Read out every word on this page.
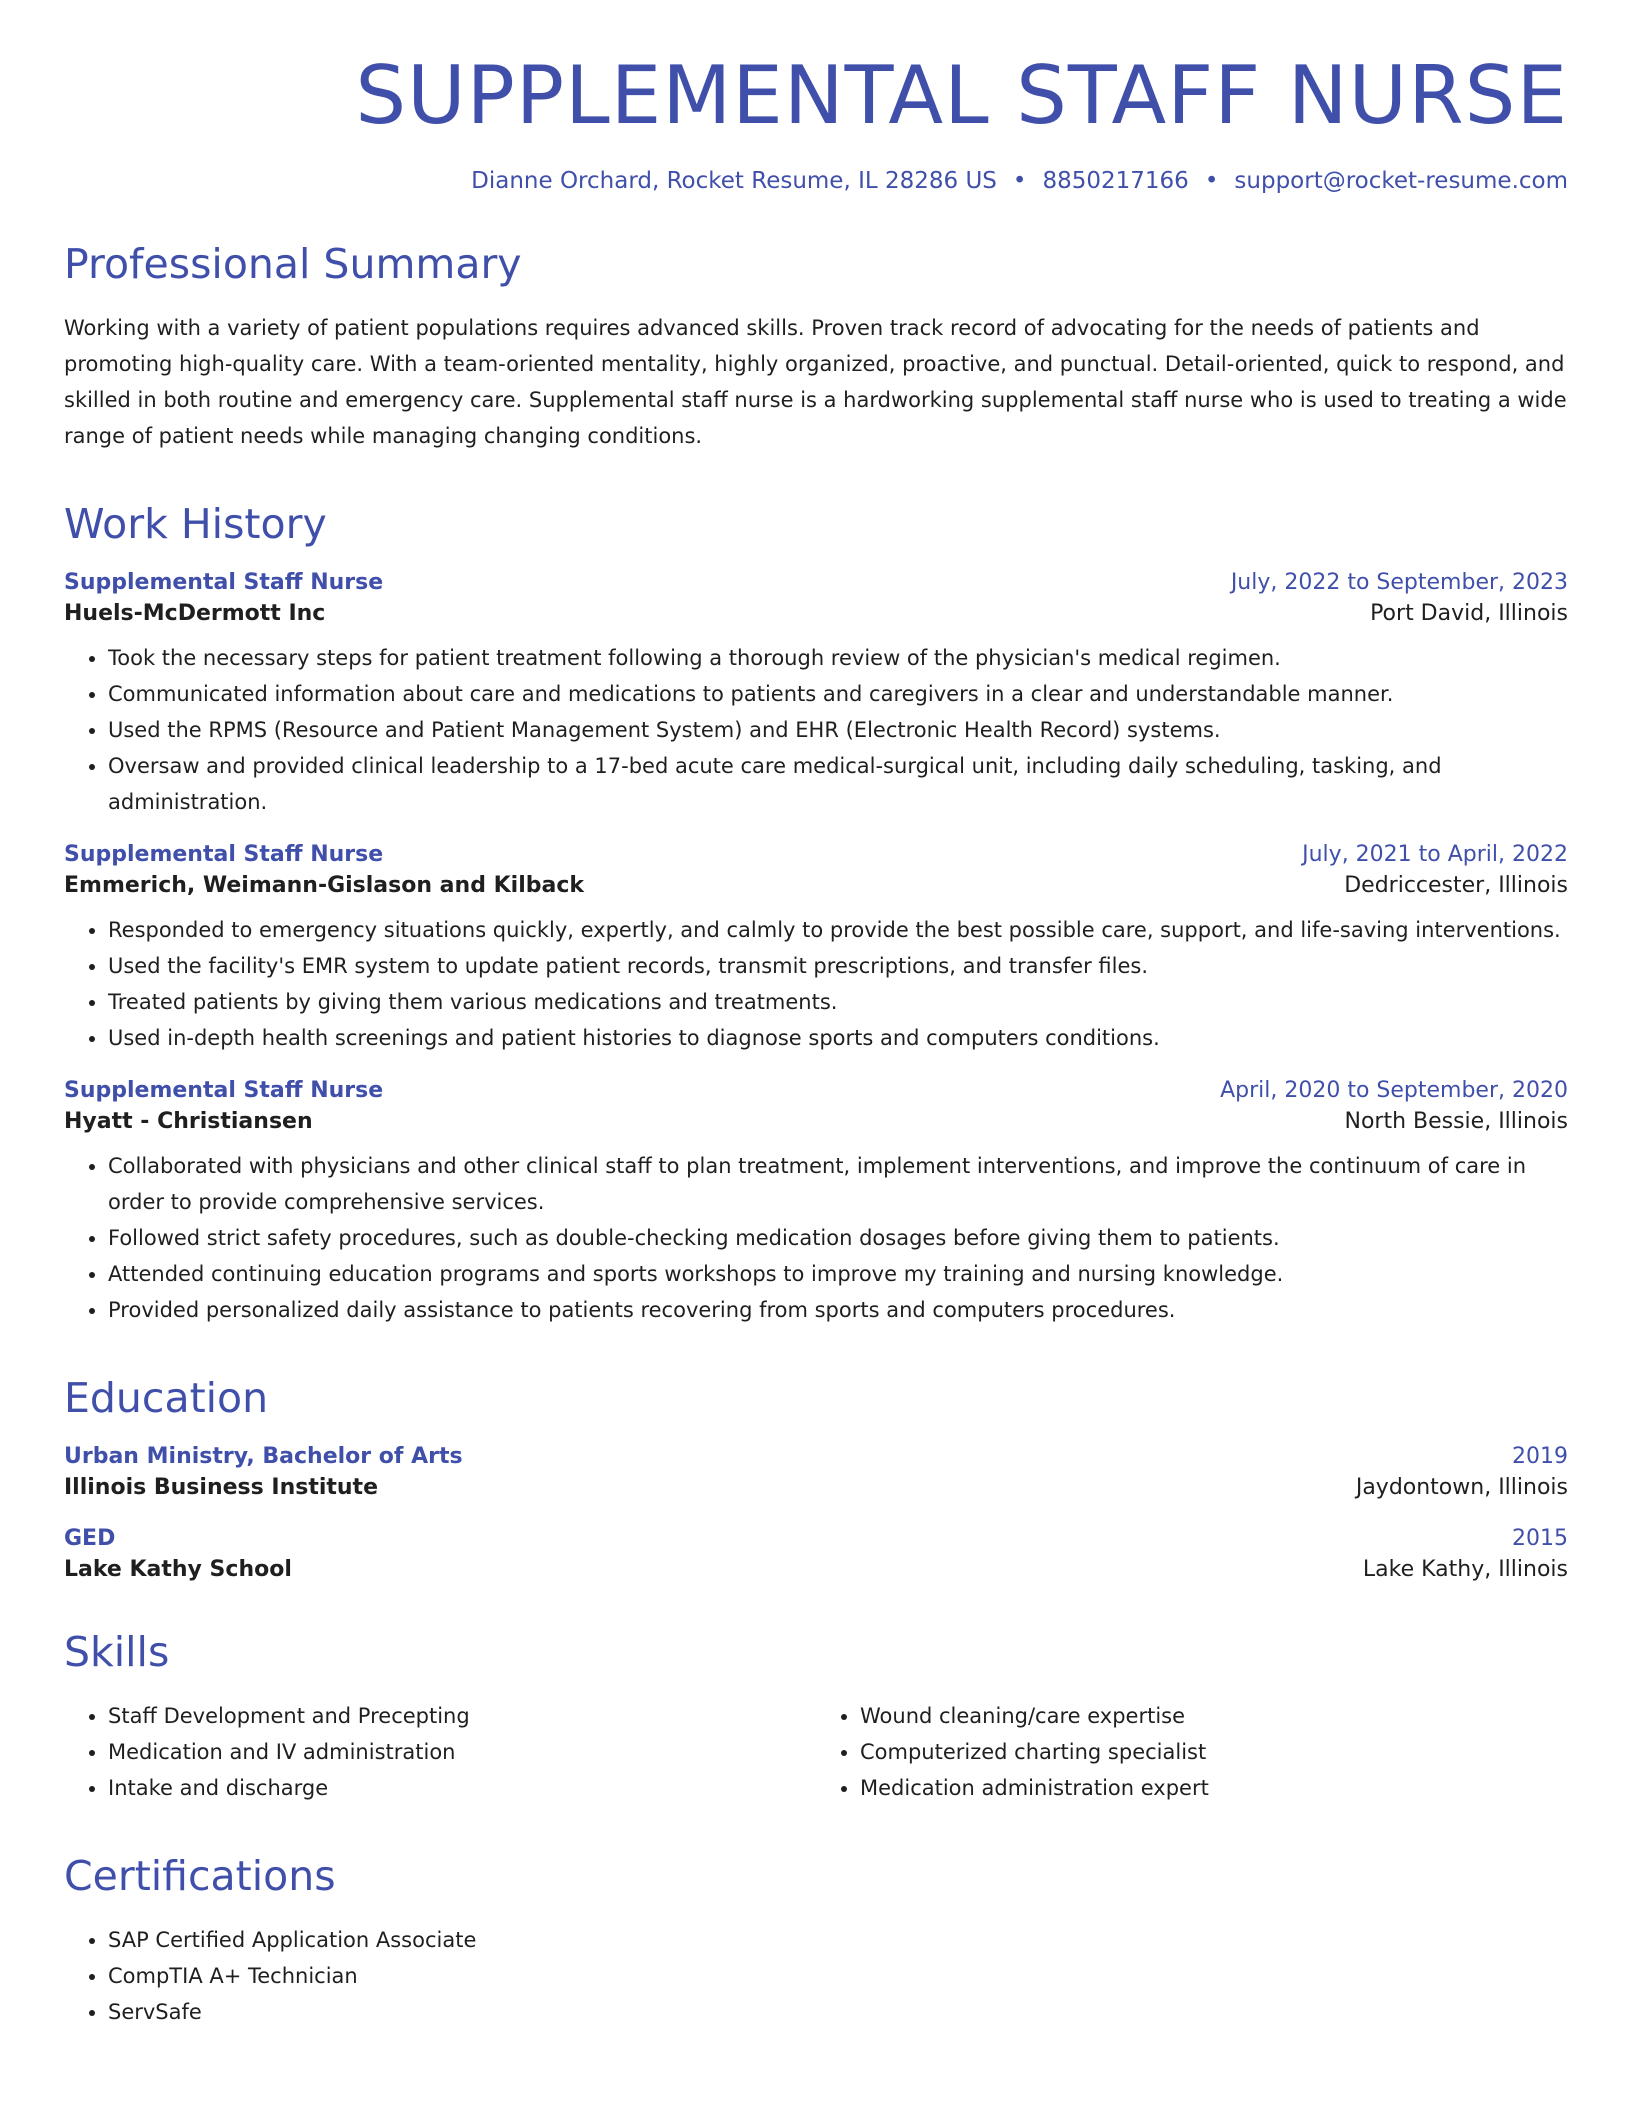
SUPPLEMENTAL STAFF NURSE
Dianne Orchard, Rocket Resume, IL 28286 US • 8850217166 • support@rocket-resume.com
Professional Summary

Working with a variety of patient populations requires advanced skills. Proven track record of advocating for the needs of patients and promoting high-quality care. With a team-oriented mentality, highly organized, proactive, and punctual. Detail-oriented, quick to respond, and skilled in both routine and emergency care. Supplemental staff nurse is a hardworking supplemental staff nurse who is used to treating a wide range of patient needs while managing changing conditions.

Work History
Supplemental Staff Nurse	July, 2022 to September, 2023
Huels-McDermott Inc	Port David, Illinois
• Took the necessary steps for patient treatment following a thorough review of the physician's medical regimen.
• Communicated information about care and medications to patients and caregivers in a clear and understandable manner.
• Used the RPMS (Resource and Patient Management System) and EHR (Electronic Health Record) systems.
• Oversaw and provided clinical leadership to a 17-bed acute care medical-surgical unit, including daily scheduling, tasking, and administration.
Supplemental Staff Nurse	July, 2021 to April, 2022
Emmerich, Weimann-Gislason and Kilback	Dedriccester, Illinois
• Responded to emergency situations quickly, expertly, and calmly to provide the best possible care, support, and life-saving interventions.
• Used the facility's EMR system to update patient records, transmit prescriptions, and transfer files.
• Treated patients by giving them various medications and treatments.
• Used in-depth health screenings and patient histories to diagnose sports and computers conditions.
Supplemental Staff Nurse	April, 2020 to September, 2020
Hyatt - Christiansen	North Bessie, Illinois
• Collaborated with physicians and other clinical staff to plan treatment, implement interventions, and improve the continuum of care in order to provide comprehensive services.
• Followed strict safety procedures, such as double-checking medication dosages before giving them to patients.
• Attended continuing education programs and sports workshops to improve my training and nursing knowledge.
• Provided personalized daily assistance to patients recovering from sports and computers procedures.
Education
Urban Ministry, Bachelor of Arts	2019
Illinois Business Institute	Jaydontown, Illinois
GED	2015
Lake Kathy School	Lake Kathy, Illinois
Skills
• Staff Development and Precepting
• Medication and IV administration
• Intake and discharge
• Wound cleaning/care expertise
• Computerized charting specialist
• Medication administration expert
Certifications
• SAP Certified Application Associate
• CompTIA A+ Technician
• ServSafe
